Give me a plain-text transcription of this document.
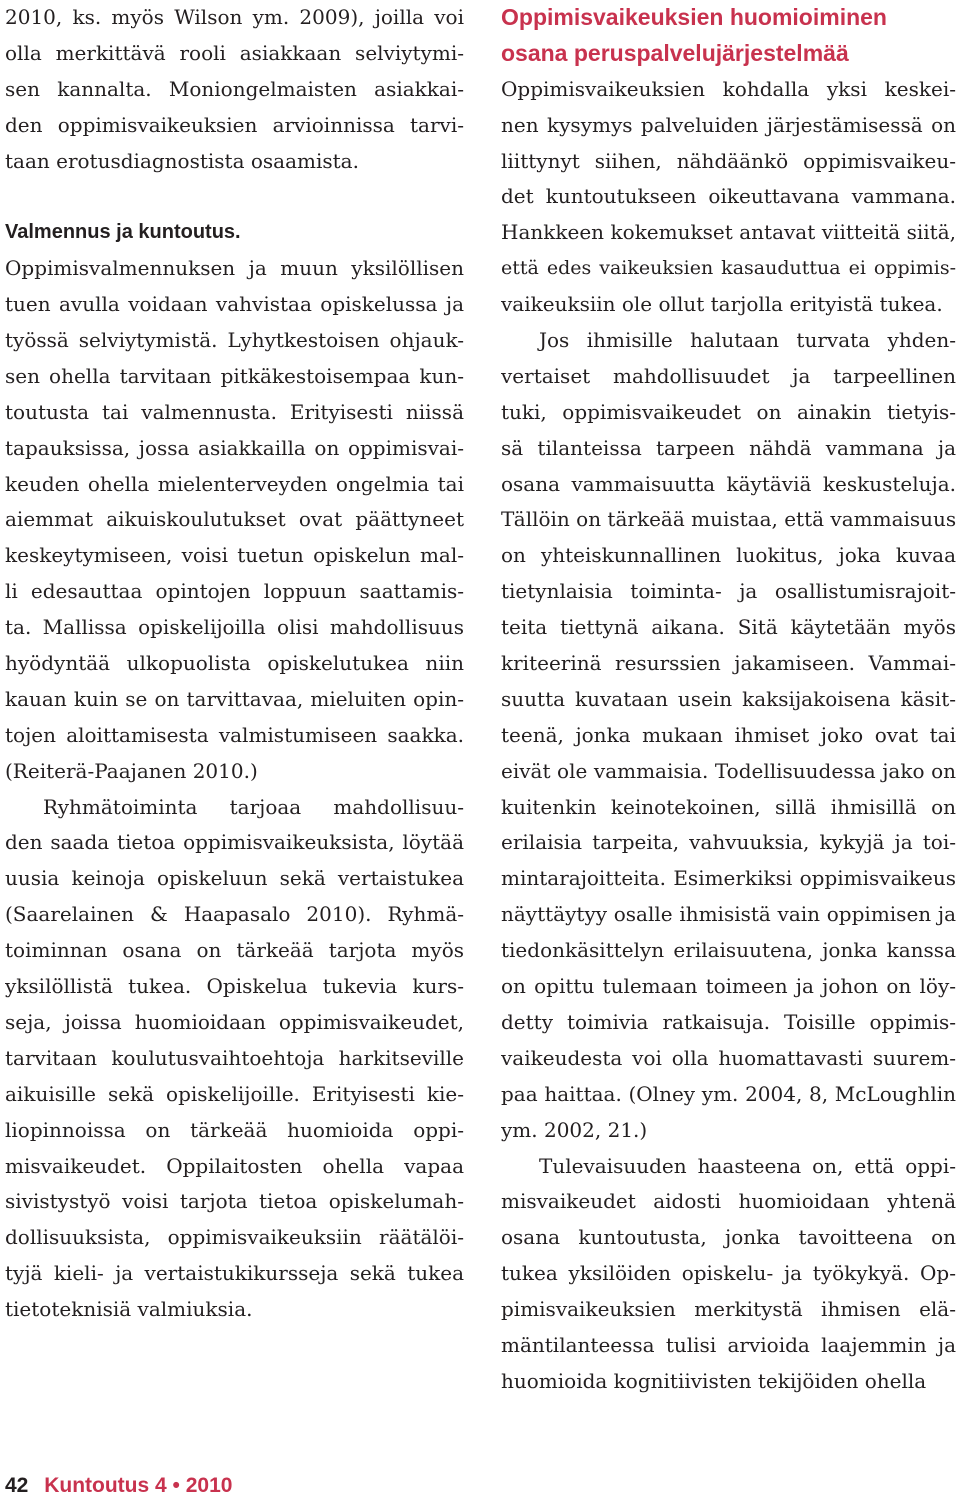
2010, ks. myös Wilson ym. 2009), joilla voi
olla merkittävä rooli asiakkaan selviytymi-
sen kannalta. Moniongelmaisten asiakkai-
den oppimisvaikeuksien arvioinnissa tarvi-
taan erotusdiagnostista osaamista.
Valmennus ja kuntoutus.
Oppimisvalmennuksen ja muun yksilöllisen
tuen avulla voidaan vahvistaa opiskelussa ja
työssä selviytymistä. Lyhytkestoisen ohjauk-
sen ohella tarvitaan pitkäkestoisempaa kun-
toutusta tai valmennusta. Erityisesti niissä
tapauksissa, jossa asiakkailla on oppimisvai-
keuden ohella mielenterveyden ongelmia tai
aiemmat aikuiskoulutukset ovat päättyneet
keskeytymiseen, voisi tuetun opiskelun mal-
li edesauttaa opintojen loppuun saattamis-
ta. Mallissa opiskelijoilla olisi mahdollisuus
hyödyntää ulkopuolista opiskelutukea niin
kauan kuin se on tarvittavaa, mieluiten opin-
tojen aloittamisesta valmistumiseen saakka.
(Reiterä-Paajanen 2010.)
Ryhmätoiminta tarjoaa mahdollisuu-
den saada tietoa oppimisvaikeuksista, löytää
uusia keinoja opiskeluun sekä vertaistukea
(Saarelainen & Haapasalo 2010). Ryhmä-
toiminnan osana on tärkeää tarjota myös
yksilöllistä tukea. Opiskelua tukevia kurs-
seja, joissa huomioidaan oppimisvaikeudet,
tarvitaan koulutusvaihtoehtoja harkitseville
aikuisille sekä opiskelijoille. Erityisesti kie-
liopinnoissa on tärkeää huomioida oppi-
misvaikeudet. Oppilaitosten ohella vapaa
sivistystyö voisi tarjota tietoa opiskelumah-
dollisuuksista, oppimisvaikeuksiin räätälöi-
tyjä kieli- ja vertaistukikursseja sekä tukea
tietoteknisiä valmiuksia.
Oppimisvaikeuksien huomioiminen
osana peruspalvelujärjestelmää
Oppimisvaikeuksien kohdalla yksi keskei-
nen kysymys palveluiden järjestämisessä on
liittynyt siihen, nähdäänkö oppimisvaikeu-
det kuntoutukseen oikeuttavana vammana.
Hankkeen kokemukset antavat viitteitä siitä,
että edes vaikeuksien kasauduttua ei oppimis-
vaikeuksiin ole ollut tarjolla erityistä tukea.
Jos ihmisille halutaan turvata yhden-
vertaiset mahdollisuudet ja tarpeellinen
tuki, oppimisvaikeudet on ainakin tietyis-
sä tilanteissa tarpeen nähdä vammana ja
osana vammaisuutta käytäviä keskusteluja.
Tällöin on tärkeää muistaa, että vammaisuus
on yhteiskunnallinen luokitus, joka kuvaa
tietynlaisia toiminta- ja osallistumisrajoit-
teita tiettynä aikana. Sitä käytetään myös
kriteerinä resurssien jakamiseen. Vammai-
suutta kuvataan usein kaksijakoisena käsit-
teenä, jonka mukaan ihmiset joko ovat tai
eivät ole vammaisia. Todellisuudessa jako on
kuitenkin keinotekoinen, sillä ihmisillä on
erilaisia tarpeita, vahvuuksia, kykyjä ja toi-
mintarajoitteita. Esimerkiksi oppimisvaikeus
näyttäytyy osalle ihmisistä vain oppimisen ja
tiedonkäsittelyn erilaisuutena, jonka kanssa
on opittu tulemaan toimeen ja johon on löy-
detty toimivia ratkaisuja. Toisille oppimis-
vaikeudesta voi olla huomattavasti suurem-
paa haittaa. (Olney ym. 2004, 8, McLoughlin
ym. 2002, 21.)
Tulevaisuuden haasteena on, että oppi-
misvaikeudet aidosti huomioidaan yhtenä
osana kuntoutusta, jonka tavoitteena on
tukea yksilöiden opiskelu- ja työkykyä. Op-
pimisvaikeuksien merkitystä ihmisen elä-
mäntilanteessa tulisi arvioida laajemmin ja
huomioida kognitiivisten tekijöiden ohella
42 Kuntoutus 4 • 2010
